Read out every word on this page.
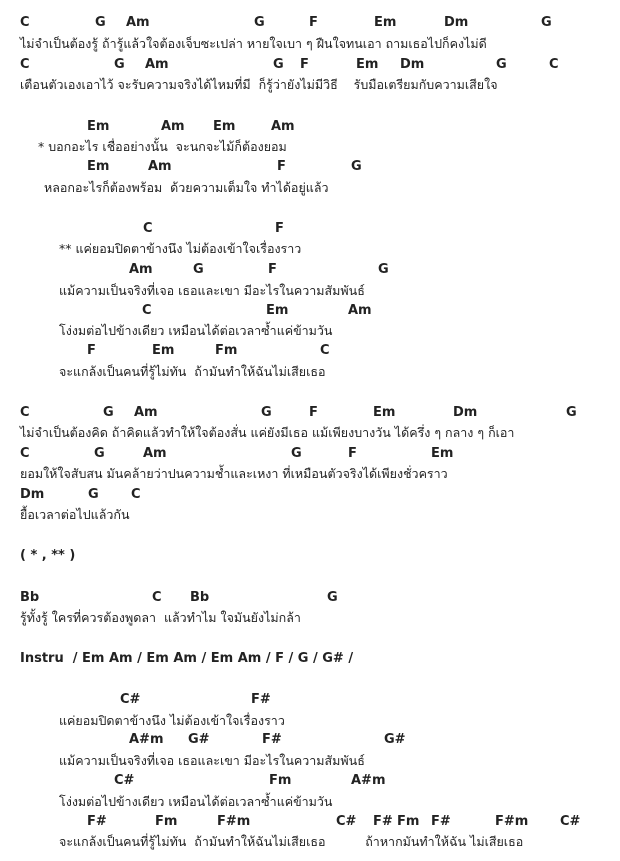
C	G Am	G	F	Em	Dm	G
ไม่จำเป็นต้องรู้ ถ้ารู้แล้วใจต้องเจ็บซะเปล่า หายใจเบา ๆ ฝืนใจทนเอา ถามเธอไปก็คงไม่ดี
C	G Am	G F	Em Dm	G	C
เตือนตัวเองเอาไว้ จะรับความจริงได้ไหมที่มี  ก็รู้ว่ายังไม่มีวิธี    รับมือเตรียมกับความเสียใจ
Em	Am Em	Am
* บอกอะไร เชื่ออย่างนั้น  จะนกจะไม้ก็ต้องยอม
Em	Am	F	G
หลอกอะไรก็ต้องพร้อม  ด้วยความเต็มใจ ทำได้อยู่แล้ว
C	F
** แค่ยอมปิดตาข้างนึง ไม่ต้องเข้าใจเรื่องราว
Am	G	F	G
แม้ความเป็นจริงที่เจอ เธอและเขา มีอะไรในความสัมพันธ์
C	Em	Am
โง่งมต่อไปข้างเดียว เหมือนได้ต่อเวลาซ้ำแค่ข้ามวัน
F	Em	Fm	C
จะแกล้งเป็นคนที่รู้ไม่ทัน  ถ้ามันทำให้ฉันไม่เสียเธอ
C	G Am	G	F	Em	Dm	G
ไม่จำเป็นต้องคิด ถ้าคิดแล้วทำให้ใจต้องสั่น แค่ยังมีเธอ แม้เพียงบางวัน ได้ครึ่ง ๆ กลาง ๆ ก็เอา
C	G	Am	G	F	Em
ยอมให้ใจสับสน มันคล้ายว่าปนความช้ำและเหงา ที่เหมือนตัวจริงได้เพียงชั่วคราว
Dm	G C
ยื้อเวลาต่อไปแล้วกัน
( * , ** )
Bb	C Bb	G
รู้ทั้งรู้ ใครที่ควรต้องพูดลา  แล้วทำไม ใจมันยังไม่กล้า
Instru  / Em Am / Em Am / Em Am / F / G / G# /
C#	F#
แค่ยอมปิดตาข้างนึง ไม่ต้องเข้าใจเรื่องราว
A#m G#	F#	G#
แม้ความเป็นจริงที่เจอ เธอและเขา มีอะไรในความสัมพันธ์
C#	Fm	A#m
โง่งมต่อไปข้างเดียว เหมือนได้ต่อเวลาซ้ำแค่ข้ามวัน
F#	Fm	F#m	C# F# Fm F#	F#m C#
จะแกล้งเป็นคนที่รู้ไม่ทัน  ถ้ามันทำให้ฉันไม่เสียเธอ          ถ้าหากมันทำให้ฉัน ไม่เสียเธอ
